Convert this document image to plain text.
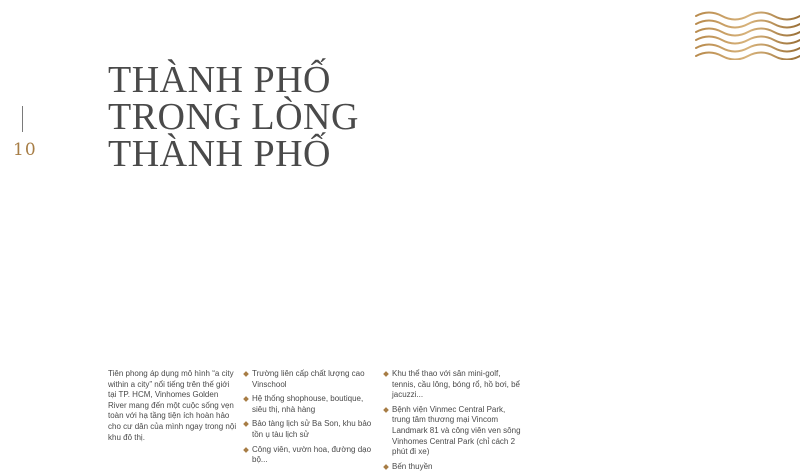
10
THÀNH PHỐ
TRONG LÒNG
THÀNH PHỐ

Tiên phong áp dụng mô hình “a city within a city” nổi tiếng trên thế giới tại TP. HCM, Vinhomes Golden River mang đến một cuộc sống vẹn toàn với hạ tầng tiện ích hoàn hảo cho cư dân của mình ngay trong nội khu đô thị.

Trường liên cấp chất lượng cao Vinschool
Hệ thống shophouse, boutique, siêu thị, nhà hàng
Bảo tàng lịch sử Ba Son, khu bảo tồn ụ tàu lịch sử
Công viên, vườn hoa, đường dạo bộ...
Khu thể thao với sân mini-golf, tennis, cầu lông, bóng rổ, hồ bơi, bể jacuzzi...
Bệnh viện Vinmec Central Park, trung tâm thương mại Vincom Landmark 81 và công viên ven sông Vinhomes Central Park (chỉ cách 2 phút đi xe)
Bến thuyền
